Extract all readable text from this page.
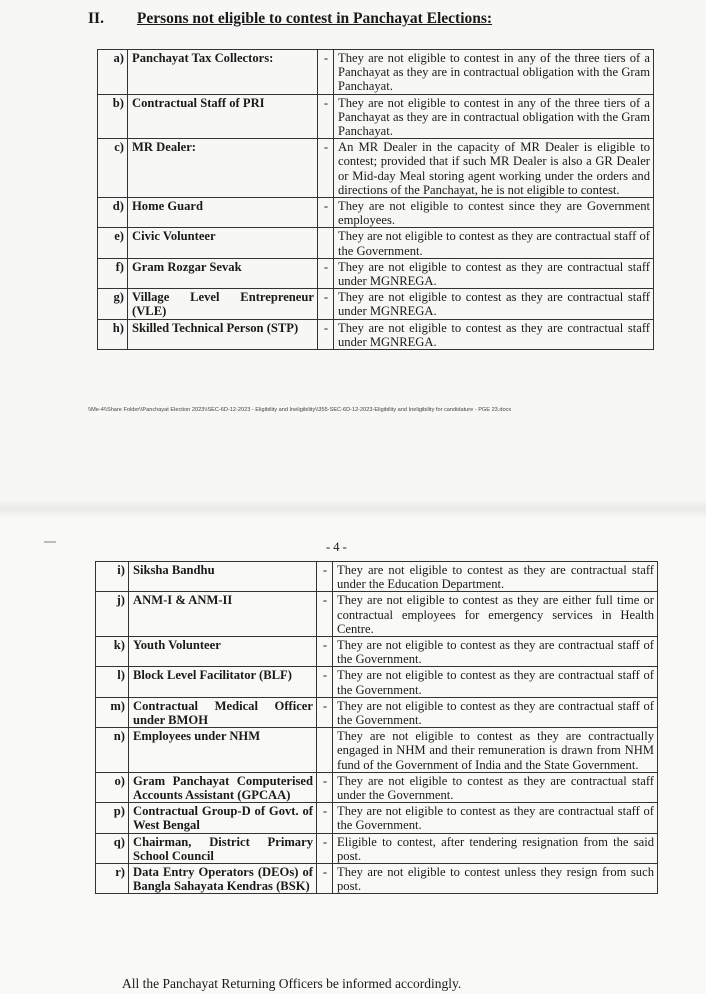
II. Persons not eligible to contest in Panchayat Elections:
a)	Panchayat Tax Collectors:	-	They are not eligible to contest in any of the three tiers of a Panchayat as they are in contractual obligation with the Gram Panchayat.
b)	Contractual Staff of PRI	-	They are not eligible to contest in any of the three tiers of a Panchayat as they are in contractual obligation with the Gram Panchayat.
c)	MR Dealer:	-	An MR Dealer in the capacity of MR Dealer is eligible to contest; provided that if such MR Dealer is also a GR Dealer or Mid-day Meal storing agent working under the orders and directions of the Panchayat, he is not eligible to contest.
d)	Home Guard	-	They are not eligible to contest since they are Government employees.
e)	Civic Volunteer		They are not eligible to contest as they are contractual staff of the Government.
f)	Gram Rozgar Sevak	-	They are not eligible to contest as they are contractual staff under MGNREGA.
g)	Village Level Entrepreneur (VLE)	-	They are not eligible to contest as they are contractual staff under MGNREGA.
h)	Skilled Technical Person (STP)	-	They are not eligible to contest as they are contractual staff under MGNREGA.
\\Me-4\\Share Folder\\Panchayat Election 2023\\SEC-6D-12-2023 - Eligibility and Ineligibility\\355-SEC-6D-12-2023-Eligibility and Ineligibility for candidature - PGE 23.docx
- 4 -
i)	Siksha Bandhu	-	They are not eligible to contest as they are contractual staff under the Education Department.
j)	ANM-I & ANM-II	-	They are not eligible to contest as they are either full time or contractual employees for emergency services in Health Centre.
k)	Youth Volunteer	-	They are not eligible to contest as they are contractual staff of the Government.
l)	Block Level Facilitator (BLF)	-	They are not eligible to contest as they are contractual staff of the Government.
m)	Contractual Medical Officer under BMOH	-	They are not eligible to contest as they are contractual staff of the Government.
n)	Employees under NHM		They are not eligible to contest as they are contractually engaged in NHM and their remuneration is drawn from NHM fund of the Government of India and the State Government.
o)	Gram Panchayat Computerised Accounts Assistant (GPCAA)	-	They are not eligible to contest as they are contractual staff under the Government.
p)	Contractual Group-D of Govt. of West Bengal	-	They are not eligible to contest as they are contractual staff of the Government.
q)	Chairman, District Primary School Council	-	Eligible to contest, after tendering resignation from the said post.
r)	Data Entry Operators (DEOs) of Bangla Sahayata Kendras (BSK)	-	They are not eligible to contest unless they resign from such post.
All the Panchayat Returning Officers be informed accordingly.
